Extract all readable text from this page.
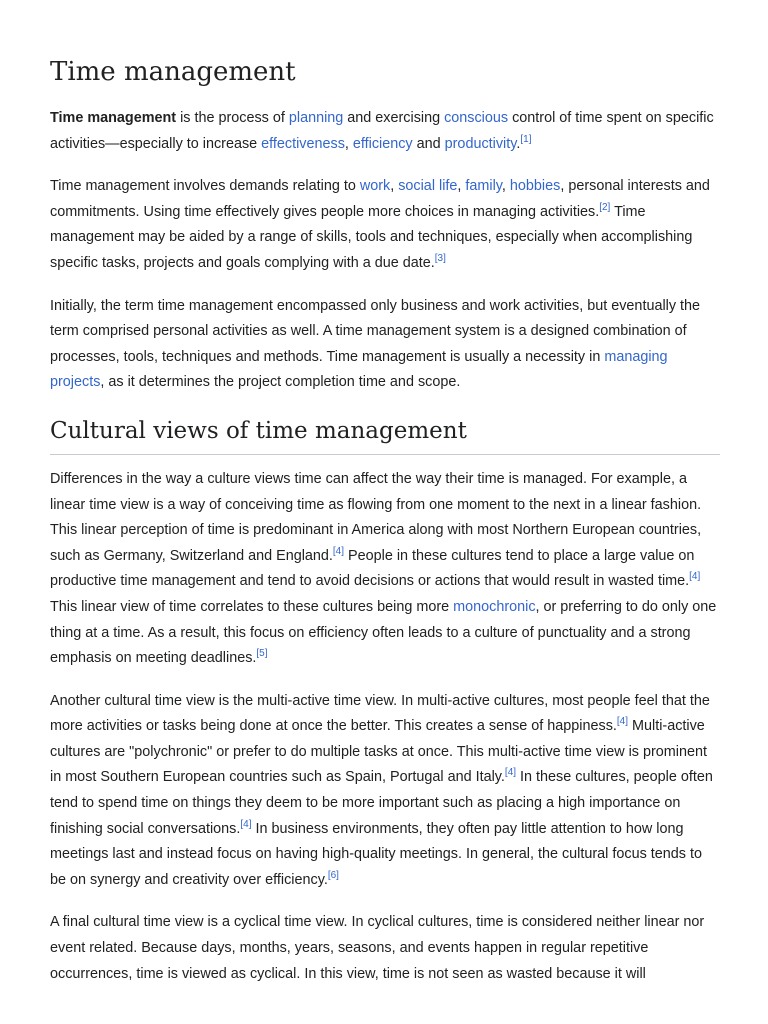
Time management

Time management is the process of planning and exercising conscious control of time spent on specific activities—especially to increase effectiveness, efficiency and productivity.[1]

Time management involves demands relating to work, social life, family, hobbies, personal interests and commitments. Using time effectively gives people more choices in managing activities.[2] Time management may be aided by a range of skills, tools and techniques, especially when accomplishing specific tasks, projects and goals complying with a due date.[3]

Initially, the term time management encompassed only business and work activities, but eventually the term comprised personal activities as well. A time management system is a designed combination of processes, tools, techniques and methods. Time management is usually a necessity in managing projects, as it determines the project completion time and scope.

Cultural views of time management

Differences in the way a culture views time can affect the way their time is managed. For example, a linear time view is a way of conceiving time as flowing from one moment to the next in a linear fashion. This linear perception of time is predominant in America along with most Northern European countries, such as Germany, Switzerland and England.[4] People in these cultures tend to place a large value on productive time management and tend to avoid decisions or actions that would result in wasted time.[4] This linear view of time correlates to these cultures being more monochronic, or preferring to do only one thing at a time. As a result, this focus on efficiency often leads to a culture of punctuality and a strong emphasis on meeting deadlines.[5]

Another cultural time view is the multi-active time view. In multi-active cultures, most people feel that the more activities or tasks being done at once the better. This creates a sense of happiness.[4] Multi-active cultures are "polychronic" or prefer to do multiple tasks at once. This multi-active time view is prominent in most Southern European countries such as Spain, Portugal and Italy.[4] In these cultures, people often tend to spend time on things they deem to be more important such as placing a high importance on finishing social conversations.[4] In business environments, they often pay little attention to how long meetings last and instead focus on having high-quality meetings. In general, the cultural focus tends to be on synergy and creativity over efficiency.[6]

A final cultural time view is a cyclical time view. In cyclical cultures, time is considered neither linear nor event related. Because days, months, years, seasons, and events happen in regular repetitive occurrences, time is viewed as cyclical. In this view, time is not seen as wasted because it will
